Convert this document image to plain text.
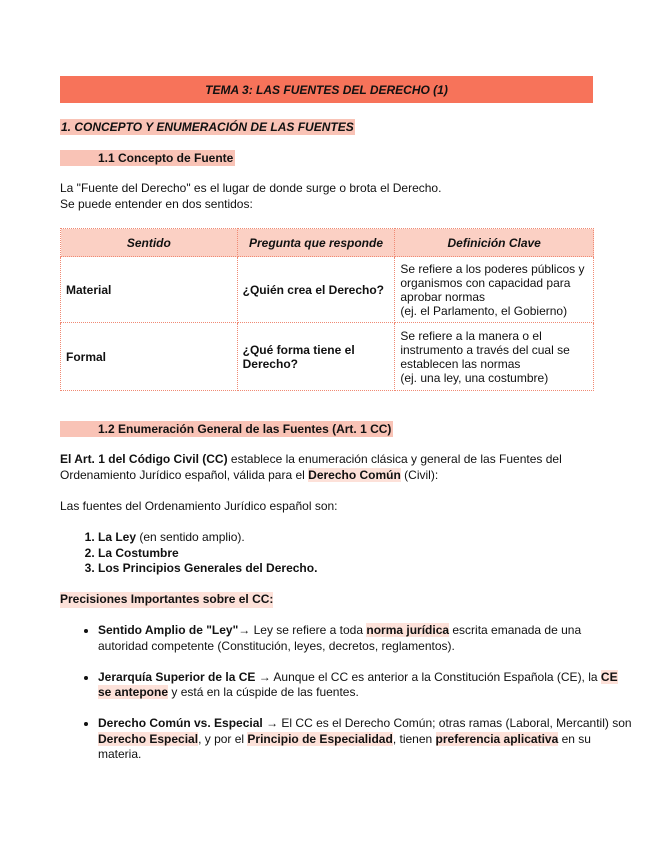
TEMA 3: LAS FUENTES DEL DERECHO (1)
1. CONCEPTO Y ENUMERACIÓN DE LAS FUENTES
1.1 Concepto de Fuente

La "Fuente del Derecho" es el lugar de donde surge o brota el Derecho.

Se puede entender en dos sentidos:

Sentido	Pregunta que responde	Definición Clave
Material	¿Quién crea el Derecho?	Se refiere a los poderes públicos y organismos con capacidad para aprobar normas
(ej. el Parlamento, el Gobierno)
Formal	¿Qué forma tiene el Derecho?	Se refiere a la manera o el instrumento a través del cual se establecen las normas
(ej. una ley, una costumbre)
1.2 Enumeración General de las Fuentes (Art. 1 CC)

El Art. 1 del Código Civil (CC) establece la enumeración clásica y general de las Fuentes del Ordenamiento Jurídico español, válida para el Derecho Común (Civil):

Las fuentes del Ordenamiento Jurídico español son:

1. La Ley (en sentido amplio).
2. La Costumbre
3. Los Principios Generales del Derecho.

Precisiones Importantes sobre el CC:

• Sentido Amplio de "Ley"→ Ley se refiere a toda norma jurídica escrita emanada de una autoridad competente (Constitución, leyes, decretos, reglamentos).
• Jerarquía Superior de la CE → Aunque el CC es anterior a la Constitución Española (CE), la CE se antepone y está en la cúspide de las fuentes.
• Derecho Común vs. Especial → El CC es el Derecho Común; otras ramas (Laboral, Mercantil) son Derecho Especial, y por el Principio de Especialidad, tienen preferencia aplicativa en su materia.
